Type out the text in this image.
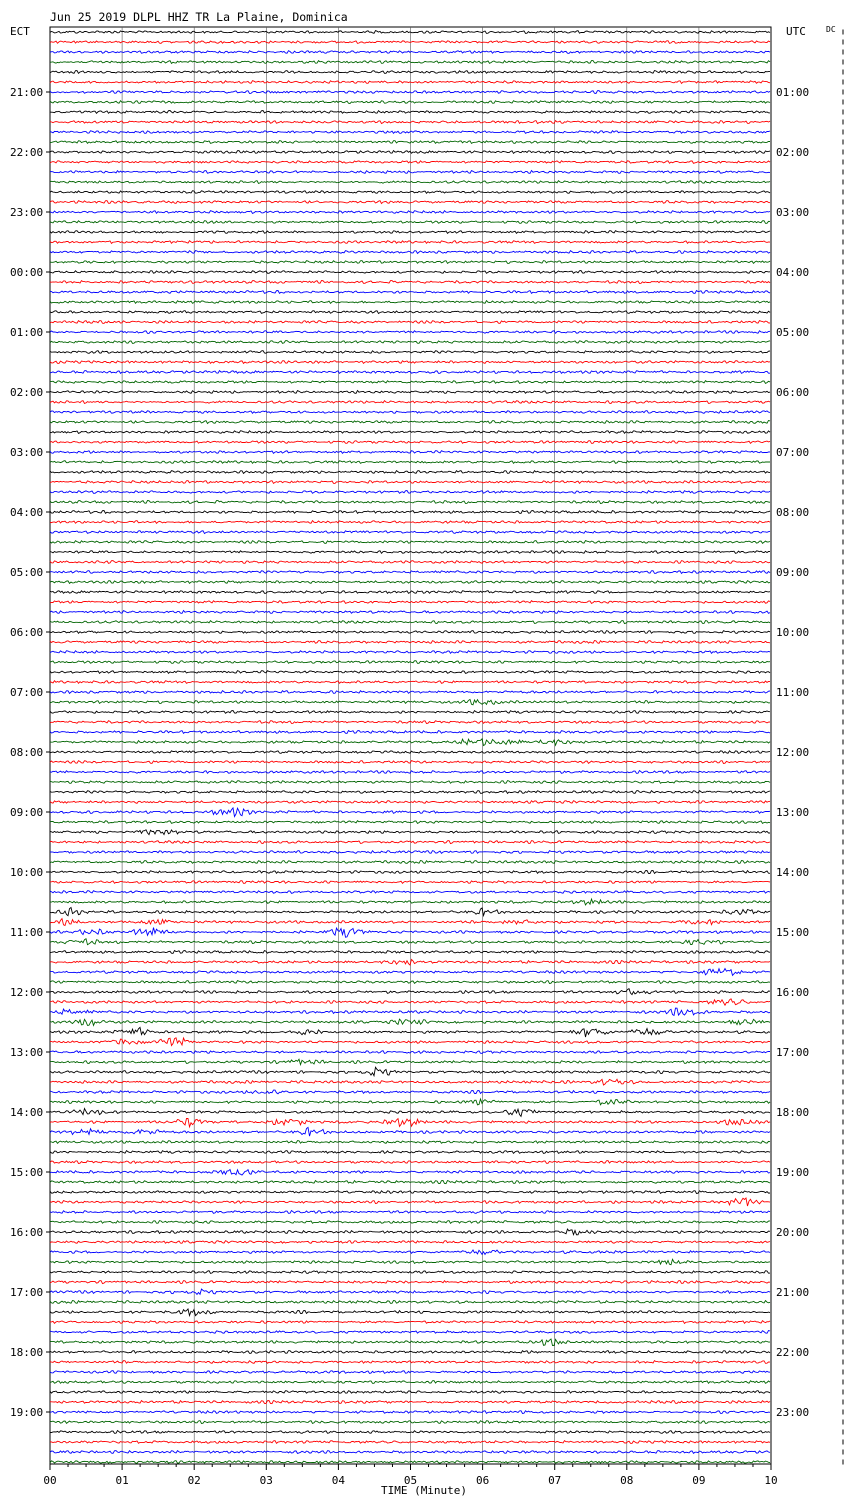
Jun 25 2019 DLPL HHZ TR La Plaine, Dominica
ECT	UTC	DC
21:00
22:00
23:00
00:00
01:00
02:00
03:00
04:00
05:00
06:00
07:00
08:00
09:00
10:00
11:00
12:00
13:00
14:00
15:00
16:00
17:00
18:00
19:00
01:00
02:00
03:00
04:00
05:00
06:00
07:00
08:00
09:00
10:00
11:00
12:00
13:00
14:00
15:00
16:00
17:00
18:00
19:00
20:00
21:00
22:00
23:00
00	01	02	03	04	05	06	07	08	09	10
TIME (Minute)
